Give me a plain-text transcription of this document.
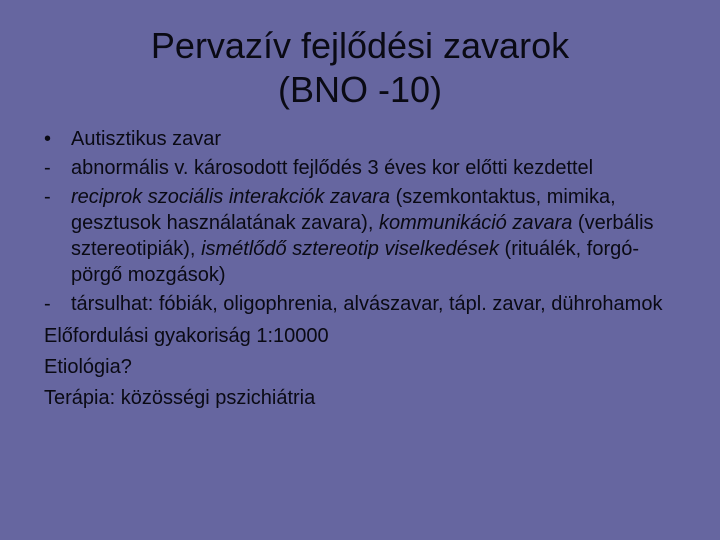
Pervazív fejlődési zavarok
(BNO -10)
• Autisztikus zavar
-	abnormális v. károsodott fejlődés 3 éves kor előtti kezdettel
-	reciprok szociális interakciók zavara (szemkontaktus, mimika, gesztusok használatának zavara), kommunikáció zavara (verbális sztereotipiák), ismétlődő sztereotip viselkedések (rituálék, forgó-pörgő mozgások)
-	társulhat: fóbiák, oligophrenia, alvászavar, tápl. zavar, dührohamok

Előfordulási gyakoriság 1:10000

Etiológia?

Terápia: közösségi pszichiátria
